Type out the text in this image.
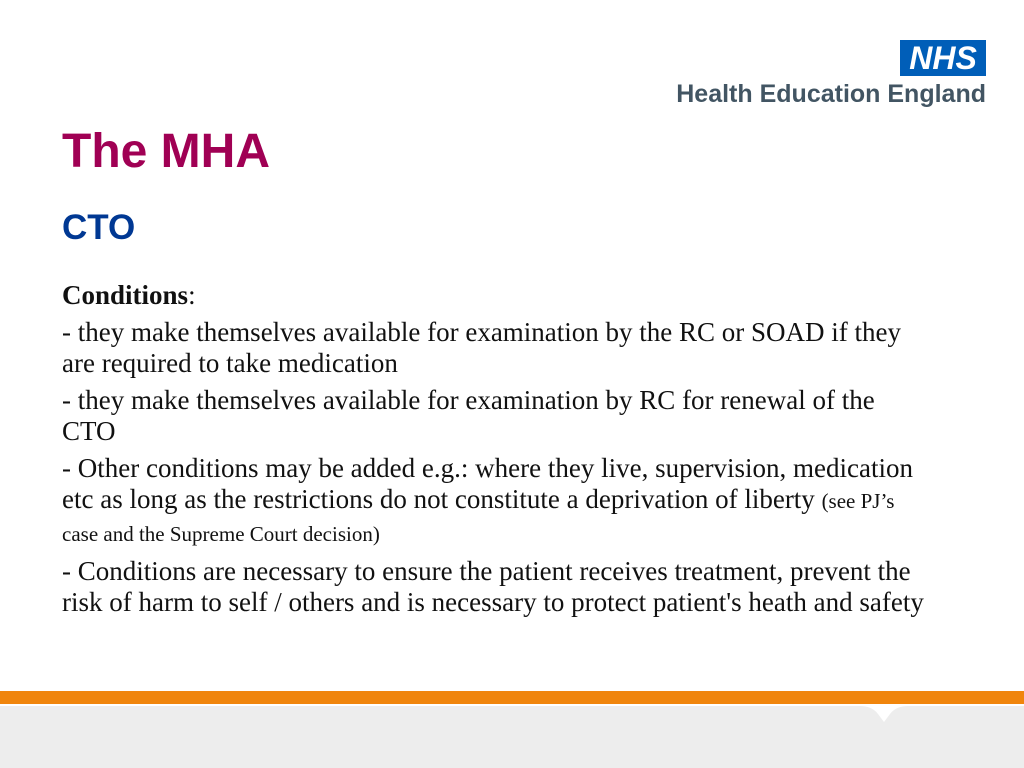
NHS
Health Education England
The MHA
CTO

Conditions:

- they make themselves available for examination by the RC or SOAD if they are required to take medication

- they make themselves available for examination by RC for renewal of the CTO

- Other conditions may be added e.g.: where they live, supervision, medication etc as long as the restrictions do not constitute a deprivation of liberty (see PJ’s case and the Supreme Court decision)

- Conditions are necessary to ensure the patient receives treatment, prevent the risk of harm to self / others and is necessary to protect patient's heath and safety
